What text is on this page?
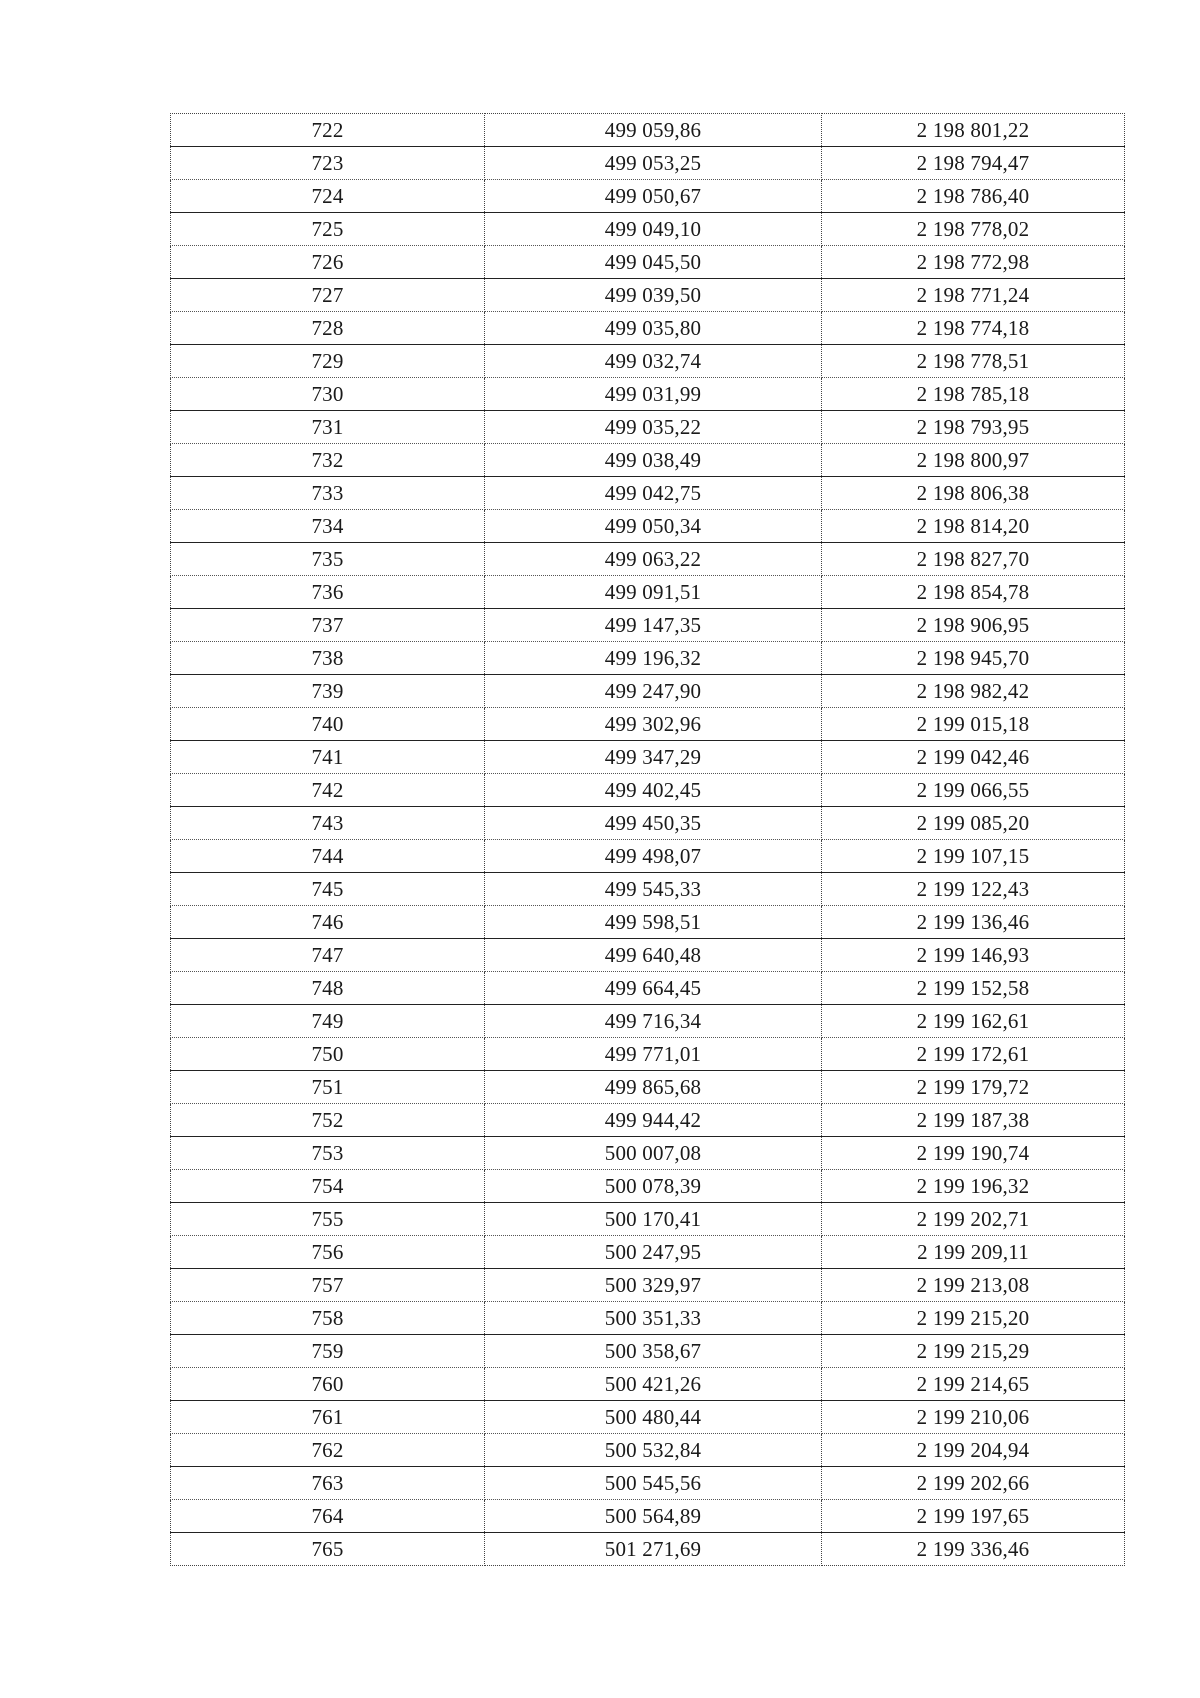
722	499 059,86	2 198 801,22
723	499 053,25	2 198 794,47
724	499 050,67	2 198 786,40
725	499 049,10	2 198 778,02
726	499 045,50	2 198 772,98
727	499 039,50	2 198 771,24
728	499 035,80	2 198 774,18
729	499 032,74	2 198 778,51
730	499 031,99	2 198 785,18
731	499 035,22	2 198 793,95
732	499 038,49	2 198 800,97
733	499 042,75	2 198 806,38
734	499 050,34	2 198 814,20
735	499 063,22	2 198 827,70
736	499 091,51	2 198 854,78
737	499 147,35	2 198 906,95
738	499 196,32	2 198 945,70
739	499 247,90	2 198 982,42
740	499 302,96	2 199 015,18
741	499 347,29	2 199 042,46
742	499 402,45	2 199 066,55
743	499 450,35	2 199 085,20
744	499 498,07	2 199 107,15
745	499 545,33	2 199 122,43
746	499 598,51	2 199 136,46
747	499 640,48	2 199 146,93
748	499 664,45	2 199 152,58
749	499 716,34	2 199 162,61
750	499 771,01	2 199 172,61
751	499 865,68	2 199 179,72
752	499 944,42	2 199 187,38
753	500 007,08	2 199 190,74
754	500 078,39	2 199 196,32
755	500 170,41	2 199 202,71
756	500 247,95	2 199 209,11
757	500 329,97	2 199 213,08
758	500 351,33	2 199 215,20
759	500 358,67	2 199 215,29
760	500 421,26	2 199 214,65
761	500 480,44	2 199 210,06
762	500 532,84	2 199 204,94
763	500 545,56	2 199 202,66
764	500 564,89	2 199 197,65
765	501 271,69	2 199 336,46
